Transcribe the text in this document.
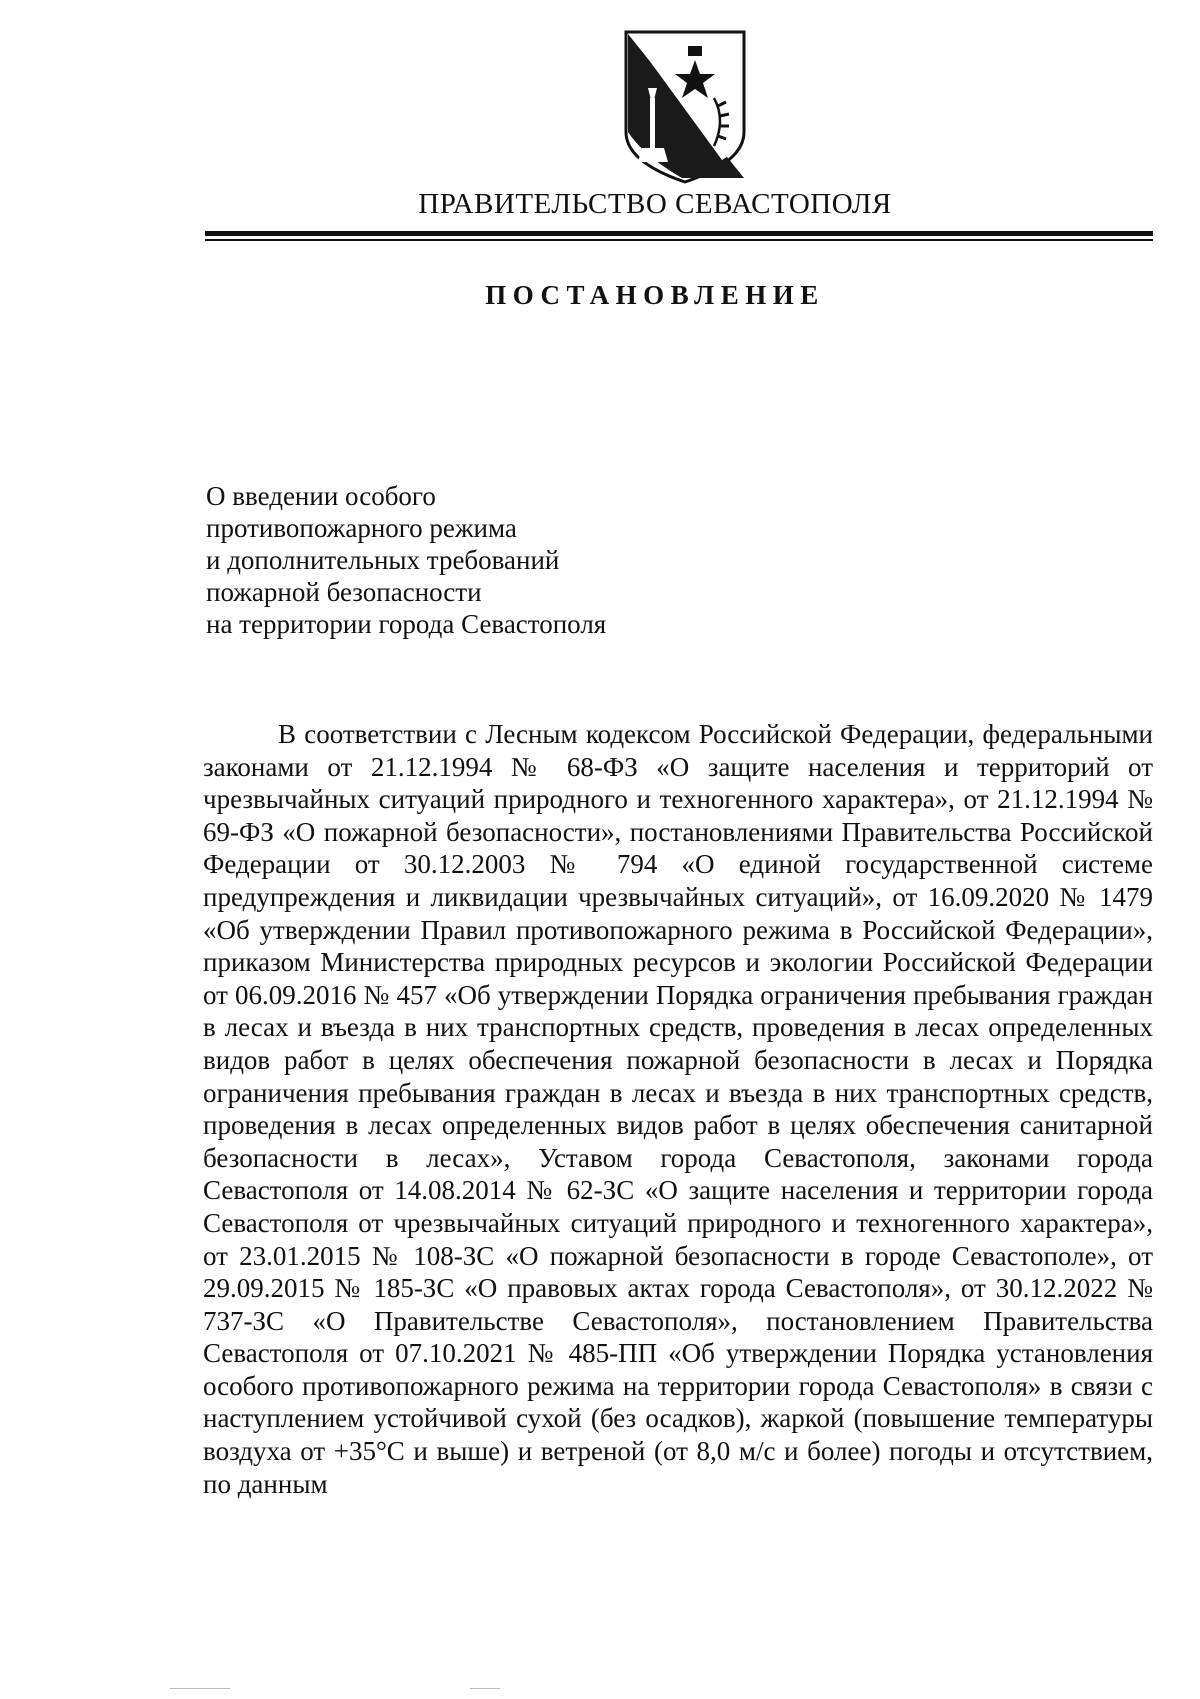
ПРАВИТЕЛЬСТВО СЕВАСТОПОЛЯ
ПОСТАНОВЛЕНИЕ
О введении особого
противопожарного режима
и дополнительных требований
пожарной безопасности
на территории города Севастополя

В соответствии с Лесным кодексом Российской Федерации, федеральными законами от 21.12.1994 № 68-ФЗ «О защите населения и территорий от чрезвычайных ситуаций природного и техногенного характера», от 21.12.1994 № 69-ФЗ «О пожарной безопасности», постановлениями Правительства Российской Федерации от 30.12.2003 № 794 «О единой государственной системе предупреждения и ликвидации чрезвычайных ситуаций», от 16.09.2020 № 1479 «Об утверждении Правил противопожарного режима в Российской Федерации», приказом Министерства природных ресурсов и экологии Российской Федерации от 06.09.2016 № 457 «Об утверждении Порядка ограничения пребывания граждан в лесах и въезда в них транспортных средств, проведения в лесах определенных видов работ в целях обеспечения пожарной безопасности в лесах и Порядка ограничения пребывания граждан в лесах и въезда в них транспортных средств, проведения в лесах определенных видов работ в целях обеспечения санитарной безопасности в лесах», Уставом города Севастополя, законами города Севастополя от 14.08.2014 № 62-ЗС «О защите населения и территории города Севастополя от чрезвычайных ситуаций природного и техногенного характера», от 23.01.2015 № 108-ЗС «О пожарной безопасности в городе Севастополе», от 29.09.2015 № 185-ЗС «О правовых актах города Севастополя», от 30.12.2022 № 737-ЗС «О Правительстве Севастополя», постановлением Правительства Севастополя от 07.10.2021 № 485-ПП «Об утверждении Порядка установления особого противопожарного режима на территории города Севастополя» в связи с наступлением устойчивой сухой (без осадков), жаркой (повышение температуры воздуха от +35°С и выше) и ветреной (от 8,0 м/с и более) погоды и отсутствием, по данным
